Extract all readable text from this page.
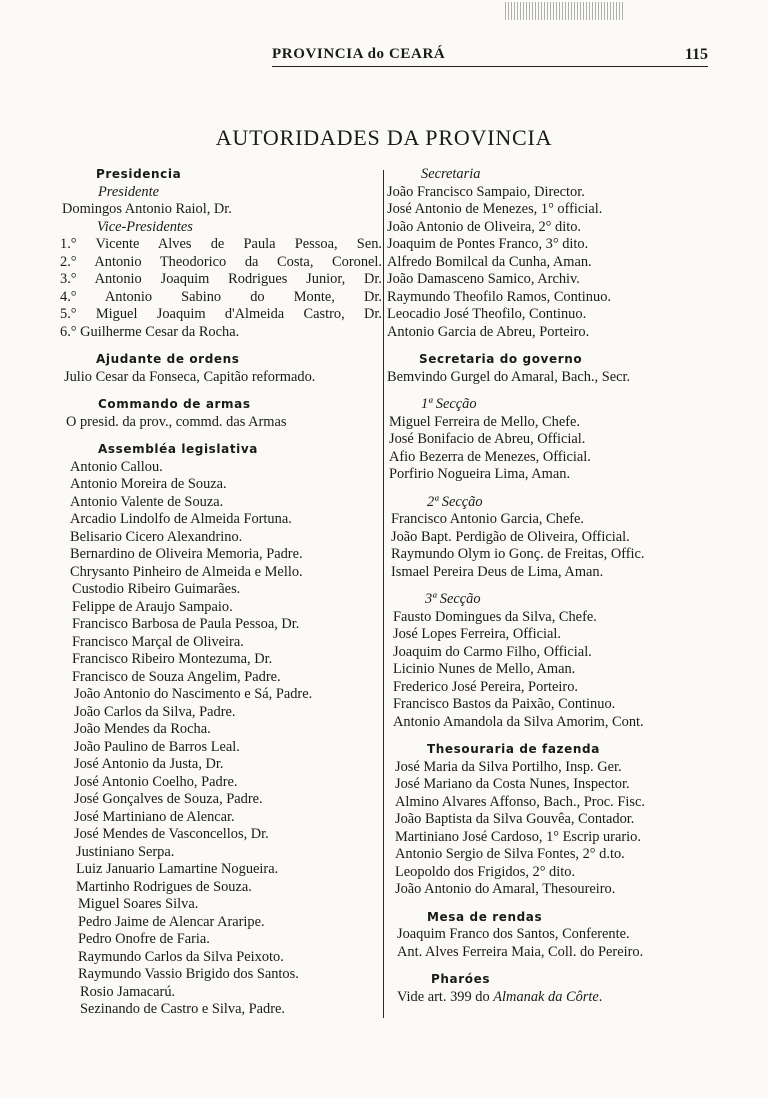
PROVINCIA do CEARÁ	115
AUTORIDADES DA PROVINCIA
Presidencia
Presidente
Domingos Antonio Raiol, Dr.
Vice-Presidentes
1.° Vicente Alves de Paula Pessoa, Sen.
2.° Antonio Theodorico da Costa, Coronel.
3.° Antonio Joaquim Rodrigues Junior, Dr.
4.° Antonio Sabino do Monte, Dr.
5.° Miguel Joaquim d'Almeida Castro, Dr.
6.° Guilherme Cesar da Rocha.
Ajudante de ordens
Julio Cesar da Fonseca, Capitão reformado.
Commando de armas
O presid. da prov., commd. das Armas
Assembléa legislativa
Antonio Callou.
Antonio Moreira de Souza.
Antonio Valente de Souza.
Arcadio Lindolfo de Almeida Fortuna.
Belisario Cicero Alexandrino.
Bernardino de Oliveira Memoria, Padre.
Chrysanto Pinheiro de Almeida e Mello.
Custodio Ribeiro Guimarães.
Felippe de Araujo Sampaio.
Francisco Barbosa de Paula Pessoa, Dr.
Francisco Marçal de Oliveira.
Francisco Ribeiro Montezuma, Dr.
Francisco de Souza Angelim, Padre.
João Antonio do Nascimento e Sá, Padre.
João Carlos da Silva, Padre.
João Mendes da Rocha.
João Paulino de Barros Leal.
José Antonio da Justa, Dr.
José Antonio Coelho, Padre.
José Gonçalves de Souza, Padre.
José Martiniano de Alencar.
José Mendes de Vasconcellos, Dr.
Justiniano Serpa.
Luiz Januario Lamartine Nogueira.
Martinho Rodrigues de Souza.
Miguel Soares Silva.
Pedro Jaime de Alencar Araripe.
Pedro Onofre de Faria.
Raymundo Carlos da Silva Peixoto.
Raymundo Vassio Brigido dos Santos.
Rosio Jamacarú.
Sezinando de Castro e Silva, Padre.
Secretaria
João Francisco Sampaio, Director.
José Antonio de Menezes, 1° official.
João Antonio de Oliveira, 2° dito.
Joaquim de Pontes Franco, 3° dito.
Alfredo Bomilcal da Cunha, Aman.
João Damasceno Samico, Archiv.
Raymundo Theofilo Ramos, Continuo.
Leocadio José Theofilo, Continuo.
Antonio Garcia de Abreu, Porteiro.
Secretaria do governo
Bemvindo Gurgel do Amaral, Bach., Secr.
1ª Secção
Miguel Ferreira de Mello, Chefe.
José Bonifacio de Abreu, Official.
Afio Bezerra de Menezes, Official.
Porfirio Nogueira Lima, Aman.
2ª Secção
Francisco Antonio Garcia, Chefe.
João Bapt. Perdigão de Oliveira, Official.
Raymundo Olym io Gonç. de Freitas, Offic.
Ismael Pereira Deus de Lima, Aman.
3ª Secção
Fausto Domingues da Silva, Chefe.
José Lopes Ferreira, Official.
Joaquim do Carmo Filho, Official.
Licinio Nunes de Mello, Aman.
Frederico José Pereira, Porteiro.
Francisco Bastos da Paixão, Continuo.
Antonio Amandola da Silva Amorim, Cont.
Thesouraria de fazenda
José Maria da Silva Portilho, Insp. Ger.
José Mariano da Costa Nunes, Inspector.
Almino Alvares Affonso, Bach., Proc. Fisc.
João Baptista da Silva Gouvêa, Contador.
Martiniano José Cardoso, 1° Escrip urario.
Antonio Sergio de Silva Fontes, 2° d.to.
Leopoldo dos Frigidos, 2° dito.
João Antonio do Amaral, Thesoureiro.
Mesa de rendas
Joaquim Franco dos Santos, Conferente.
Ant. Alves Ferreira Maia, Coll. do Pereiro.
Pharóes
Vide art. 399 do Almanak da Côrte.
